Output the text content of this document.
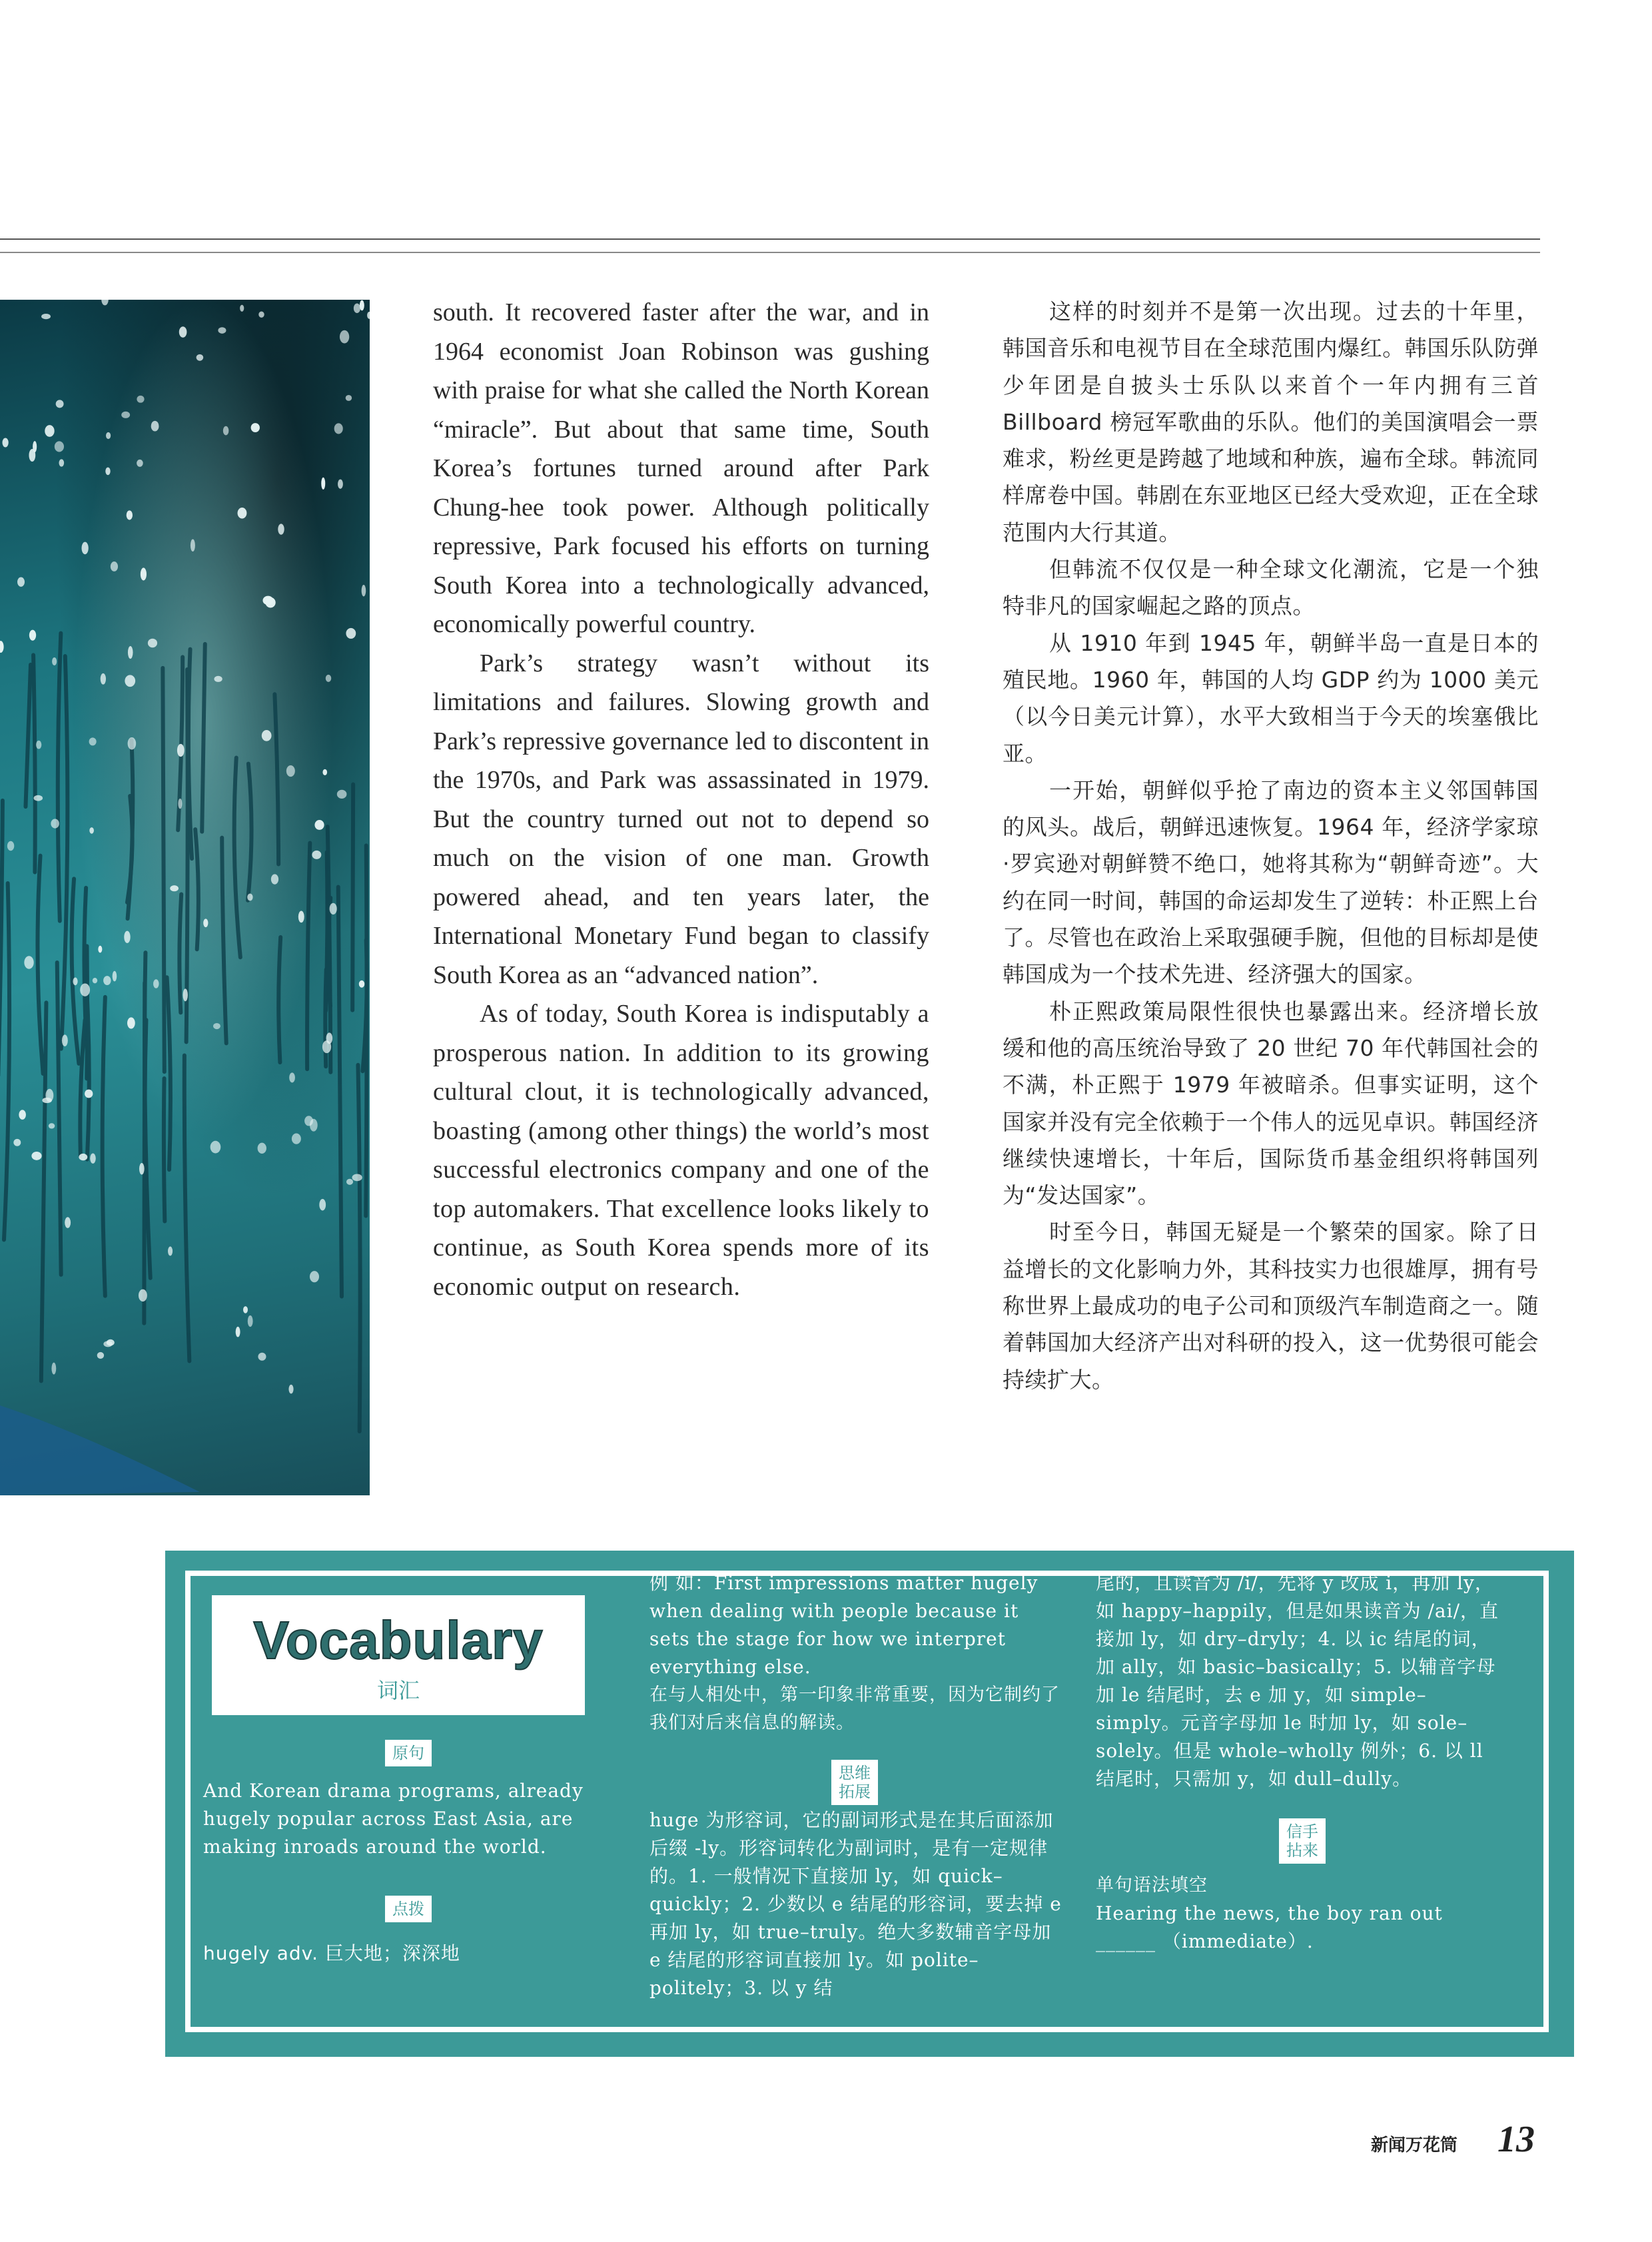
south. It recovered faster after the war, and in 1964 economist Joan Robinson was gushing with praise for what she called the North Korean “miracle”. But about that same time, South Korea’s fortunes turned around after Park Chung-hee took power. Although politically repressive, Park focused his efforts on turning South Korea into a technologically advanced, economically powerful country.

Park’s strategy wasn’t without its limitations and failures. Slowing growth and Park’s repressive governance led to discontent in the 1970s, and Park was assassinated in 1979. But the country turned out not to depend so much on the vision of one man. Growth powered ahead, and ten years later, the International Monetary Fund began to classify South Korea as an “advanced nation”.

As of today, South Korea is indisputably a prosperous nation. In addition to its growing cultural clout, it is technologically advanced, boasting (among other things) the world’s most successful electronics company and one of the top automakers. That excellence looks likely to continue, as South Korea spends more of its economic output on research.

这样的时刻并不是第一次出现。过去的十年里，韩国音乐和电视节目在全球范围内爆红。韩国乐队防弹少年团是自披头士乐队以来首个一年内拥有三首Billboard 榜冠军歌曲的乐队。他们的美国演唱会一票难求，粉丝更是跨越了地域和种族，遍布全球。韩流同样席卷中国。韩剧在东亚地区已经大受欢迎，正在全球范围内大行其道。

但韩流不仅仅是一种全球文化潮流，它是一个独特非凡的国家崛起之路的顶点。

从 1910 年到 1945 年，朝鲜半岛一直是日本的殖民地。1960 年，韩国的人均 GDP 约为 1000 美元（以今日美元计算），水平大致相当于今天的埃塞俄比亚。

一开始，朝鲜似乎抢了南边的资本主义邻国韩国的风头。战后，朝鲜迅速恢复。1964 年，经济学家琼·罗宾逊对朝鲜赞不绝口，她将其称为“朝鲜奇迹”。大约在同一时间，韩国的命运却发生了逆转：朴正熙上台了。尽管也在政治上采取强硬手腕，但他的目标却是使韩国成为一个技术先进、经济强大的国家。

朴正熙政策局限性很快也暴露出来。经济增长放缓和他的高压统治导致了 20 世纪 70 年代韩国社会的不满，朴正熙于 1979 年被暗杀。但事实证明，这个国家并没有完全依赖于一个伟人的远见卓识。韩国经济继续快速增长，十年后，国际货币基金组织将韩国列为“发达国家”。

时至今日，韩国无疑是一个繁荣的国家。除了日益增长的文化影响力外，其科技实力也很雄厚，拥有号称世界上最成功的电子公司和顶级汽车制造商之一。随着韩国加大经济产出对科研的投入，这一优势很可能会持续扩大。

Vocabulary
词汇
原句
And Korean drama programs, already hugely popular across East Asia, are making inroads around the world.
点拨
hugely adv. 巨大地；深深地

例 如：First impressions matter hugely when dealing with people because it sets the stage for how we interpret everything else.

在与人相处中，第一印象非常重要，因为它制约了我们对后来信息的解读。

思维拓展
huge 为形容词，它的副词形式是在其后面添加后缀 -ly。形容词转化为副词时，是有一定规律的。1. 一般情况下直接加 ly，如 quick–quickly；2. 少数以 e 结尾的形容词，要去掉 e 再加 ly，如 true–truly。绝大多数辅音字母加 e 结尾的形容词直接加 ly。如 polite–politely；3. 以 y 结
尾的，且读音为 /i/，先将 y 改成 i，再加 ly，如 happy–happily，但是如果读音为 /ai/，直接加 ly，如 dry–dryly；4. 以 ic 结尾的词，加 ally，如 basic–basically；5. 以辅音字母加 le 结尾时，去 e 加 y，如 simple–simply。元音字母加 le 时加 ly，如 sole–solely。但是 whole–wholly 例外；6. 以 ll 结尾时，只需加 y，如 dull–dully。
信手拈来

单句语法填空

Hearing the news, the boy ran out ______ （immediate）.

新闻万花筒 13
